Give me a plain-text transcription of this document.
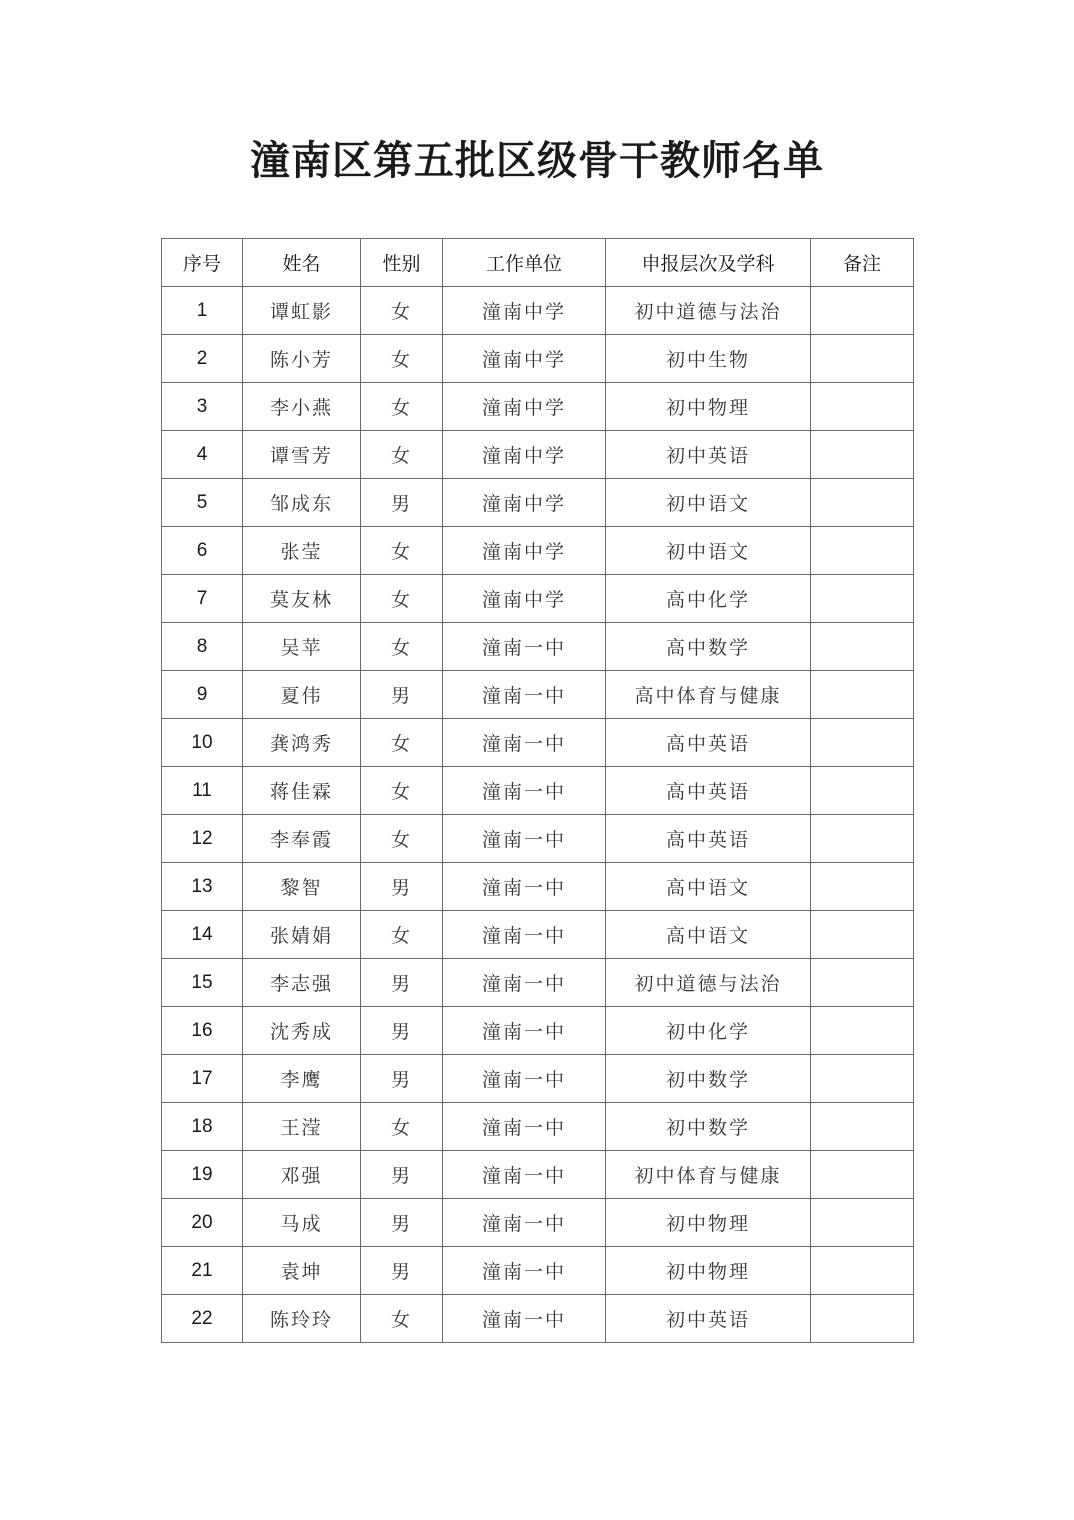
潼南区第五批区级骨干教师名单
序号	姓名	性别	工作单位	申报层次及学科	备注
1	谭虹影	女	潼南中学	初中道德与法治	
2	陈小芳	女	潼南中学	初中生物	
3	李小燕	女	潼南中学	初中物理	
4	谭雪芳	女	潼南中学	初中英语	
5	邹成东	男	潼南中学	初中语文	
6	张莹	女	潼南中学	初中语文	
7	莫友林	女	潼南中学	高中化学	
8	吴苹	女	潼南一中	高中数学	
9	夏伟	男	潼南一中	高中体育与健康	
10	龚鸿秀	女	潼南一中	高中英语	
11	蒋佳霖	女	潼南一中	高中英语	
12	李奉霞	女	潼南一中	高中英语	
13	黎智	男	潼南一中	高中语文	
14	张婧娟	女	潼南一中	高中语文	
15	李志强	男	潼南一中	初中道德与法治	
16	沈秀成	男	潼南一中	初中化学	
17	李鹰	男	潼南一中	初中数学	
18	王滢	女	潼南一中	初中数学	
19	邓强	男	潼南一中	初中体育与健康	
20	马成	男	潼南一中	初中物理	
21	袁坤	男	潼南一中	初中物理	
22	陈玲玲	女	潼南一中	初中英语	
